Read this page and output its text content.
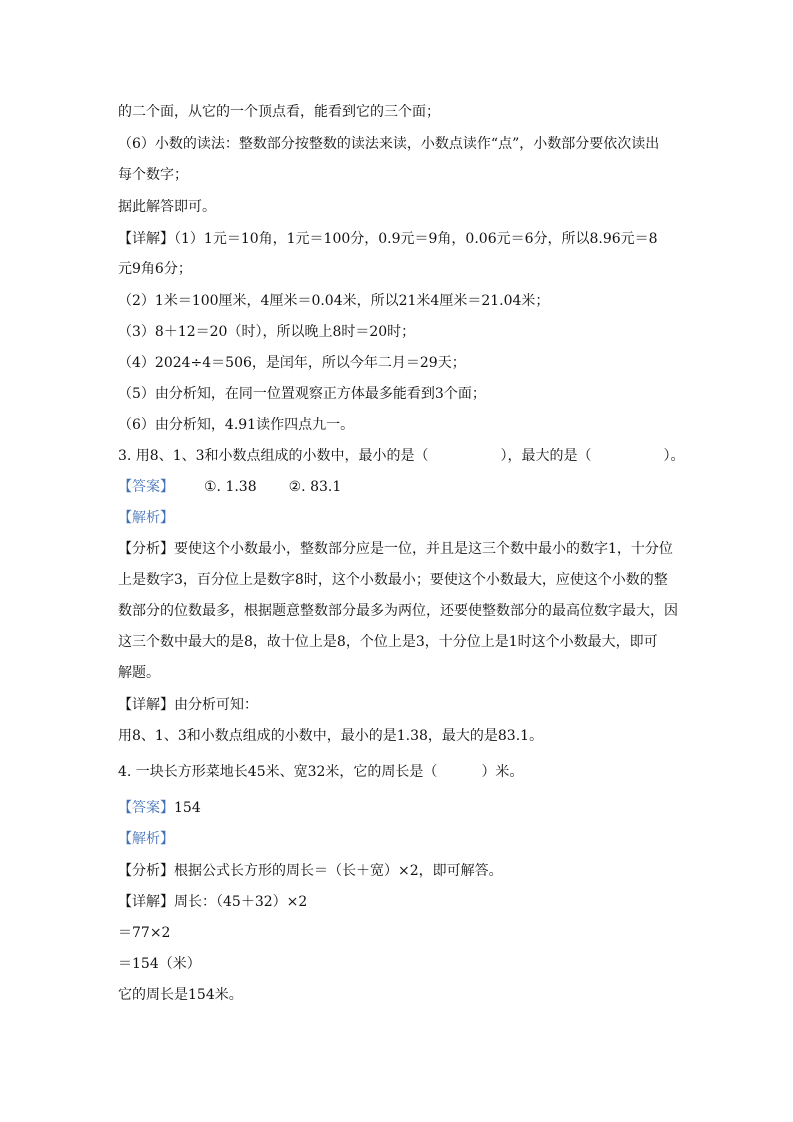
的二个面，从它的一个顶点看，能看到它的三个面；
（6）小数的读法：整数部分按整数的读法来读，小数点读作“点”，小数部分要依次读出
每个数字；
据此解答即可。
【详解】（1）1元＝10角，1元＝100分，0.9元＝9角，0.06元＝6分，所以8.96元＝8
元9角6分；
（2）1米＝100厘米，4厘米＝0.04米，所以21米4厘米＝21.04米；
（3）8＋12＝20（时），所以晚上8时＝20时；
（4）2024÷4＝506，是闰年，所以今年二月＝29天；
（5）由分析知，在同一位置观察正方体最多能看到3个面；
（6）由分析知，4.91读作四点九一。
3. 用8、1、3和小数点组成的小数中，最小的是（	），最大的是（	）。
【答案】 ①. 1.38 ②. 83.1
【解析】
【分析】要使这个小数最小，整数部分应是一位，并且是这三个数中最小的数字1，十分位
上是数字3，百分位上是数字8时，这个小数最小；要使这个小数最大，应使这个小数的整
数部分的位数最多，根据题意整数部分最多为两位，还要使整数部分的最高位数字最大，因
这三个数中最大的是8，故十位上是8，个位上是3，十分位上是1时这个小数最大，即可
解题。
【详解】由分析可知：
用8、1、3和小数点组成的小数中，最小的是1.38，最大的是83.1。
4. 一块长方形菜地长45米、宽32米，它的周长是（	）米。
【答案】154
【解析】
【分析】根据公式长方形的周长＝（长＋宽）×2，即可解答。
【详解】周长：（45＋32）×2
＝77×2
＝154（米）
它的周长是154米。
